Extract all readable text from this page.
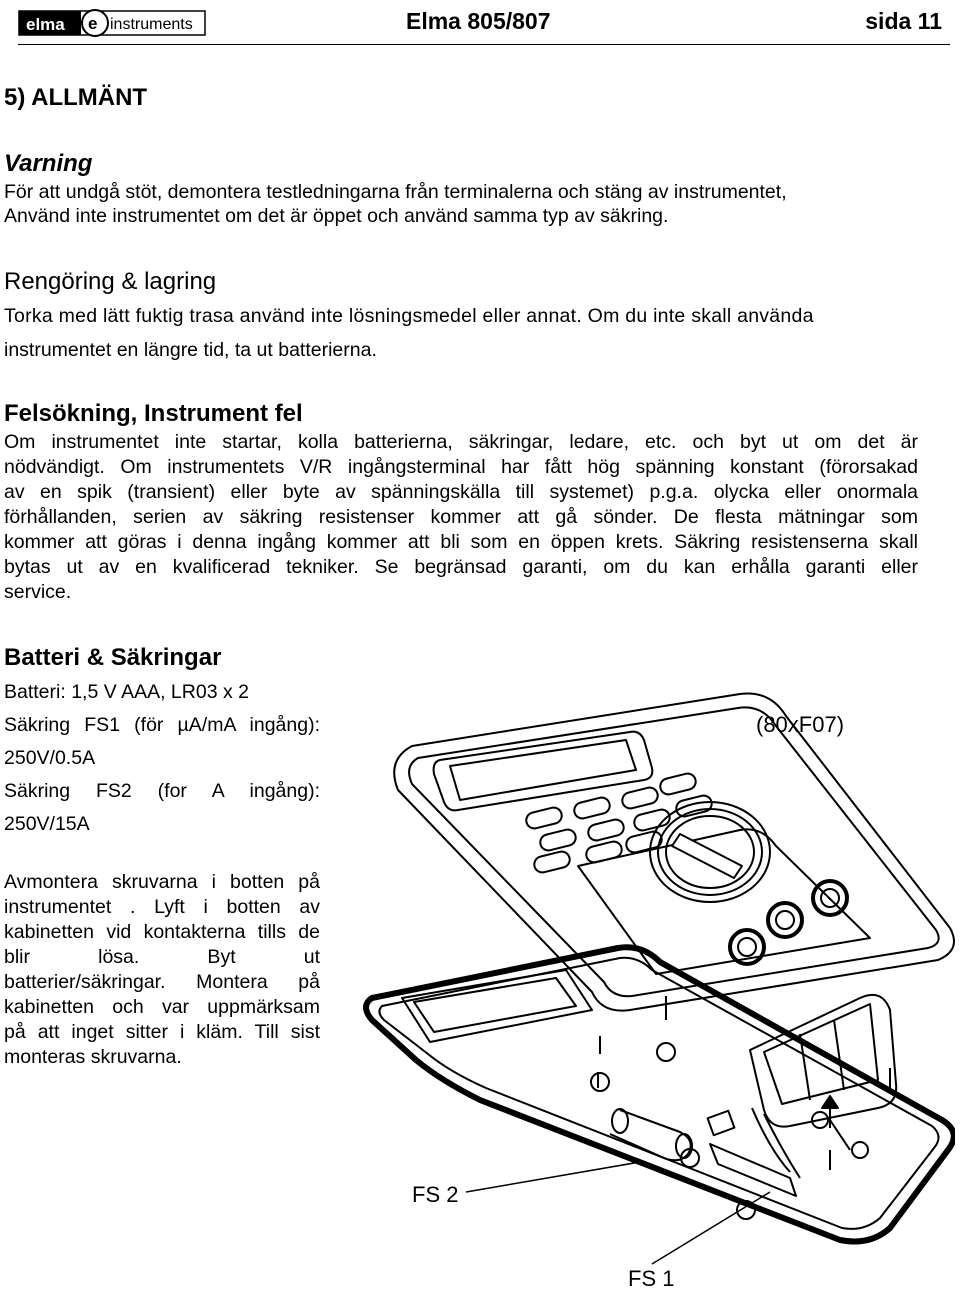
elma e instruments	Elma 805/807	sida 11
5) ALLMÄNT
Varning
För att undgå stöt, demontera testledningarna från terminalerna och stäng av instrumentet,
Använd inte instrumentet om det är öppet och använd samma typ av säkring.
Rengöring & lagring
Torka med lätt fuktig trasa använd inte lösningsmedel eller annat. Om du inte skall använda
instrumentet en längre tid, ta ut batterierna.
Felsökning, Instrument fel
Om instrumentet inte startar, kolla batterierna, säkringar, ledare, etc. och byt ut om det är
nödvändigt. Om instrumentets V/R ingångsterminal har fått hög spänning konstant (förorsakad
av en spik (transient) eller byte av spänningskälla till systemet) p.g.a. olycka eller onormala
förhållanden, serien av säkring resistenser kommer att gå sönder. De flesta mätningar som
kommer att göras i denna ingång kommer att bli som en öppen krets. Säkring resistenserna skall
bytas ut av en kvalificerad tekniker. Se begränsad garanti, om du kan erhålla garanti eller
service.
Batteri & Säkringar
Batteri: 1,5 V AAA, LR03 x 2
Säkring FS1 (för µA/mA ingång):
250V/0.5A
Säkring FS2 (for A ingång):
250V/15A
Avmontera skruvarna i botten på
instrumentet . Lyft i botten av
kabinetten vid kontakterna tills de
blir          lösa.          Byt          ut
batterier/säkringar. Montera på
kabinetten och var uppmärksam
på att inget sitter i kläm. Till sist
monteras skruvarna.
(80xF07)
FS 2
FS 1
